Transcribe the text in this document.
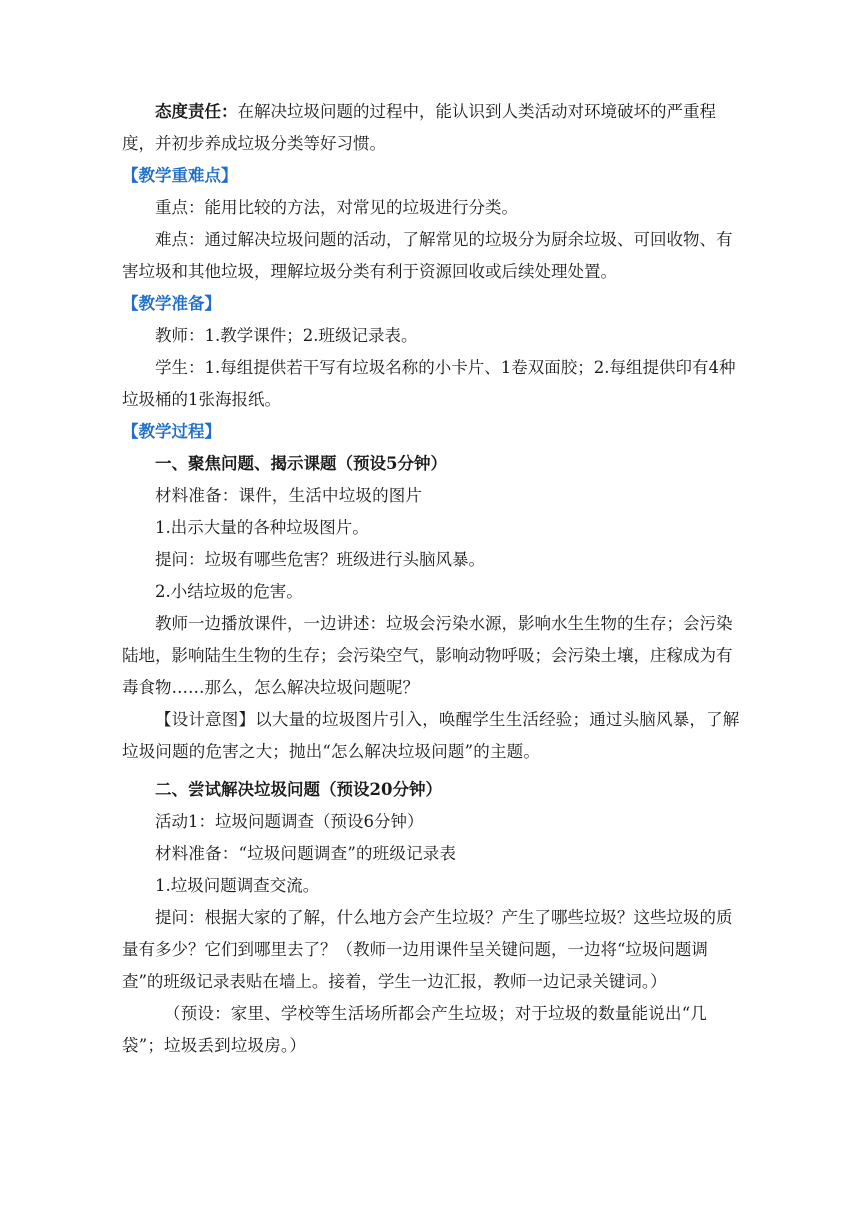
态度责任：在解决垃圾问题的过程中，能认识到人类活动对环境破坏的严重程度，并初步养成垃圾分类等好习惯。

【教学重难点】

重点：能用比较的方法，对常见的垃圾进行分类。

难点：通过解决垃圾问题的活动，了解常见的垃圾分为厨余垃圾、可回收物、有害垃圾和其他垃圾，理解垃圾分类有利于资源回收或后续处理处置。

【教学准备】

教师：1.教学课件；2.班级记录表。

学生：1.每组提供若干写有垃圾名称的小卡片、1卷双面胶；2.每组提供印有4种垃圾桶的1张海报纸。

【教学过程】

一、聚焦问题、揭示课题（预设5分钟）

材料准备：课件，生活中垃圾的图片

1.出示大量的各种垃圾图片。

提问：垃圾有哪些危害？班级进行头脑风暴。

2.小结垃圾的危害。

教师一边播放课件，一边讲述：垃圾会污染水源，影响水生生物的生存；会污染陆地，影响陆生生物的生存；会污染空气，影响动物呼吸；会污染土壤，庄稼成为有毒食物……那么，怎么解决垃圾问题呢？

【设计意图】以大量的垃圾图片引入，唤醒学生生活经验；通过头脑风暴，了解垃圾问题的危害之大；抛出“怎么解决垃圾问题”的主题。

二、尝试解决垃圾问题（预设20分钟）

活动1：垃圾问题调查（预设6分钟）

材料准备：“垃圾问题调查”的班级记录表

1.垃圾问题调查交流。

提问：根据大家的了解，什么地方会产生垃圾？产生了哪些垃圾？这些垃圾的质量有多少？它们到哪里去了？（教师一边用课件呈关键问题，一边将“垃圾问题调查”的班级记录表贴在墙上。接着，学生一边汇报，教师一边记录关键词。）

（预设：家里、学校等生活场所都会产生垃圾；对于垃圾的数量能说出“几袋”；垃圾丢到垃圾房。）
